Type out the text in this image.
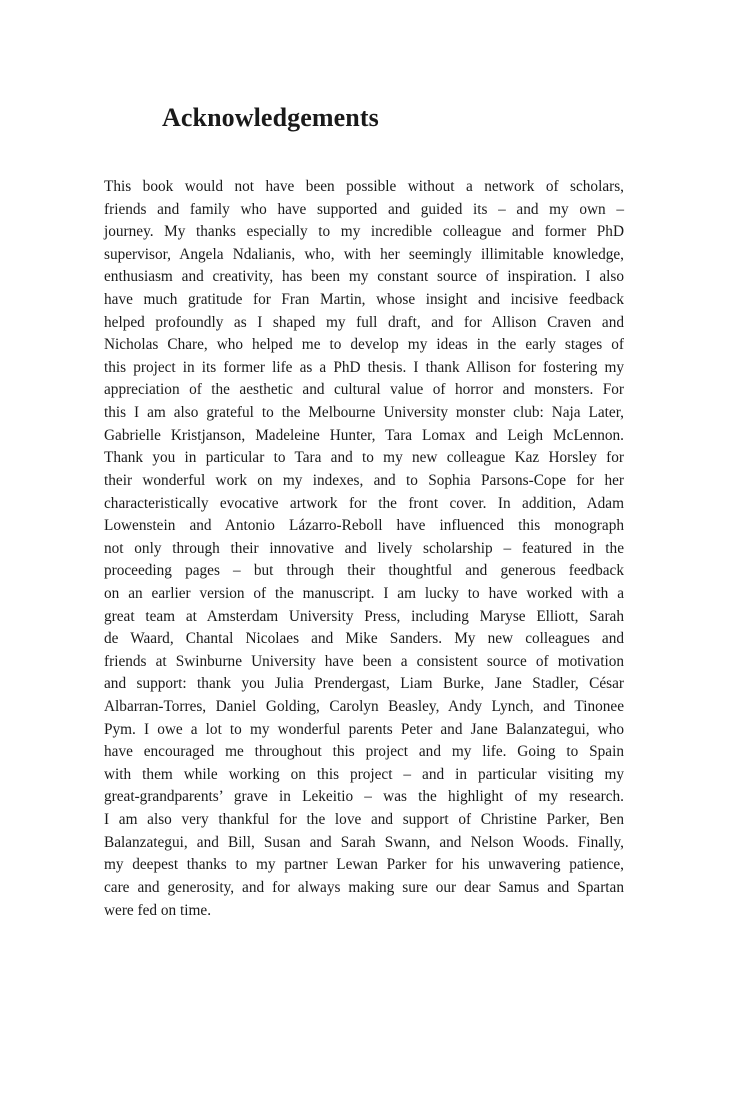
Acknowledgements
This book would not have been possible without a network of scholars,
friends and family who have supported and guided its – and my own –
journey. My thanks especially to my incredible colleague and former PhD
supervisor, Angela Ndalianis, who, with her seemingly illimitable knowledge,
enthusiasm and creativity, has been my constant source of inspiration. I also
have much gratitude for Fran Martin, whose insight and incisive feedback
helped profoundly as I shaped my full draft, and for Allison Craven and
Nicholas Chare, who helped me to develop my ideas in the early stages of
this project in its former life as a PhD thesis. I thank Allison for fostering my
appreciation of the aesthetic and cultural value of horror and monsters. For
this I am also grateful to the Melbourne University monster club: Naja Later,
Gabrielle Kristjanson, Madeleine Hunter, Tara Lomax and Leigh McLennon.
Thank you in particular to Tara and to my new colleague Kaz Horsley for
their wonderful work on my indexes, and to Sophia Parsons-Cope for her
characteristically evocative artwork for the front cover. In addition, Adam
Lowenstein and Antonio Lázarro-Reboll have influenced this monograph
not only through their innovative and lively scholarship – featured in the
proceeding pages – but through their thoughtful and generous feedback
on an earlier version of the manuscript. I am lucky to have worked with a
great team at Amsterdam University Press, including Maryse Elliott, Sarah
de Waard, Chantal Nicolaes and Mike Sanders. My new colleagues and
friends at Swinburne University have been a consistent source of motivation
and support: thank you Julia Prendergast, Liam Burke, Jane Stadler, César
Albarran-Torres, Daniel Golding, Carolyn Beasley, Andy Lynch, and Tinonee
Pym. I owe a lot to my wonderful parents Peter and Jane Balanzategui, who
have encouraged me throughout this project and my life. Going to Spain
with them while working on this project – and in particular visiting my
great-grandparents’ grave in Lekeitio – was the highlight of my research.
I am also very thankful for the love and support of Christine Parker, Ben
Balanzategui, and Bill, Susan and Sarah Swann, and Nelson Woods. Finally,
my deepest thanks to my partner Lewan Parker for his unwavering patience,
care and generosity, and for always making sure our dear Samus and Spartan
were fed on time.
